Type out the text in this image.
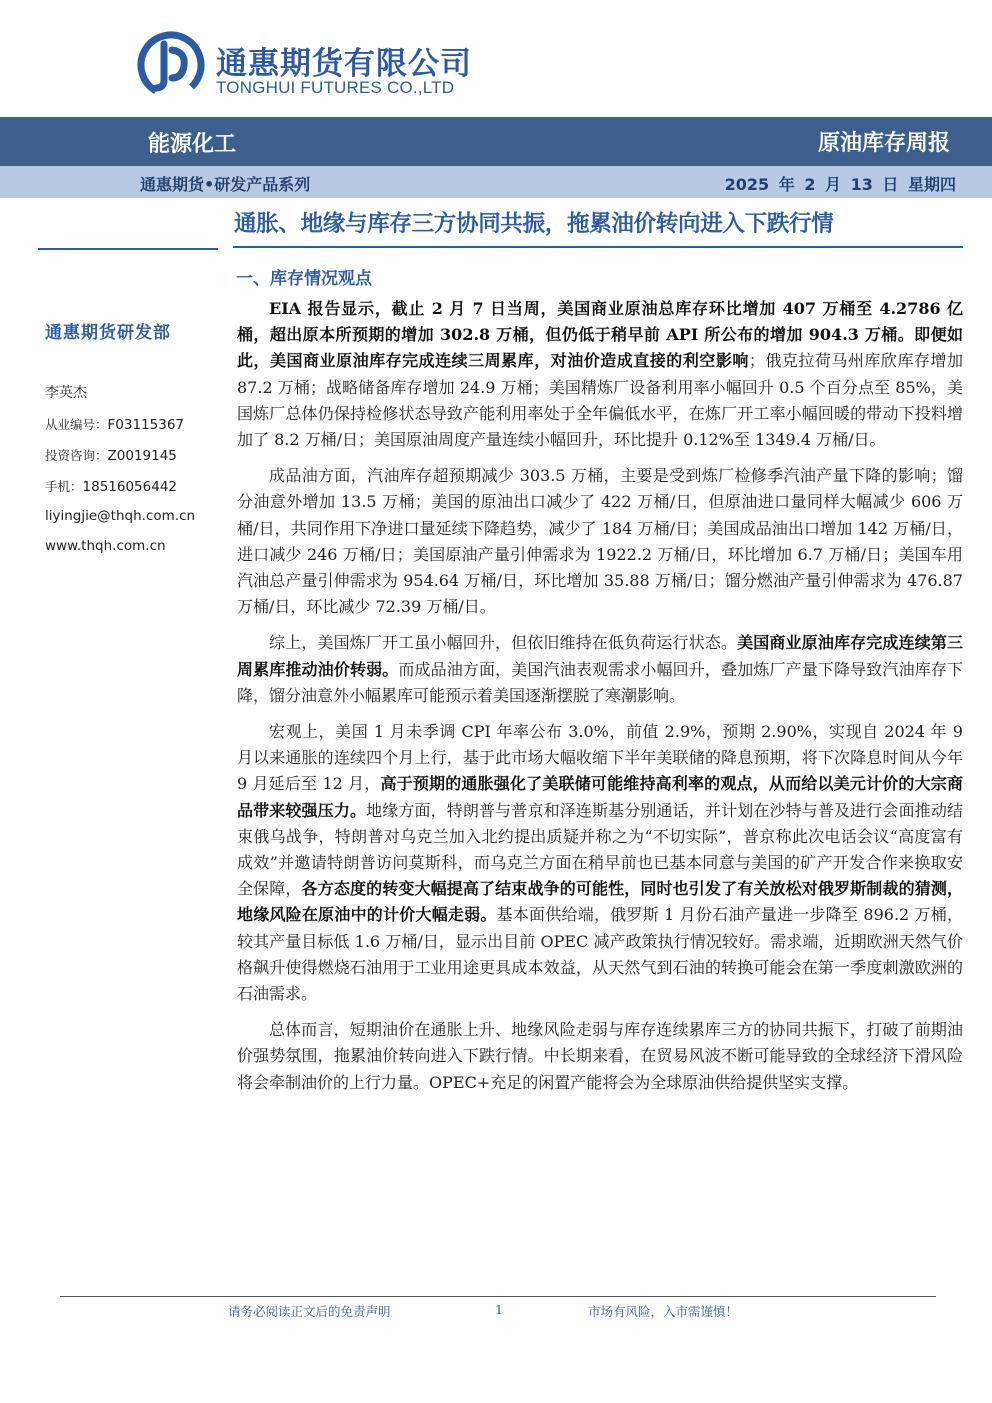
通惠期货有限公司
TONGHUI FUTURES CO.,LTD
能源化工	原油库存周报
通惠期货•研发产品系列	2025 年 2 月 13 日 星期四
通胀、地缘与库存三方协同共振，拖累油价转向进入下跌行情
通惠期货研发部
李英杰
从业编号：F03115367
投资咨询：Z0019145
手机：18516056442
liyingjie@thqh.com.cn
www.thqh.com.cn
一、库存情况观点

EIA 报告显示，截止 2 月 7 日当周，美国商业原油总库存环比增加 407 万桶至 4.2786 亿桶，超出原本所预期的增加 302.8 万桶，但仍低于稍早前 API 所公布的增加 904.3 万桶。即便如此，美国商业原油库存完成连续三周累库，对油价造成直接的利空影响；俄克拉荷马州库欣库存增加 87.2 万桶；战略储备库存增加 24.9 万桶；美国精炼厂设备利用率小幅回升 0.5 个百分点至 85%，美国炼厂总体仍保持检修状态导致产能利用率处于全年偏低水平，在炼厂开工率小幅回暖的带动下投料增加了 8.2 万桶/日；美国原油周度产量连续小幅回升，环比提升 0.12%至 1349.4 万桶/日。

成品油方面，汽油库存超预期减少 303.5 万桶，主要是受到炼厂检修季汽油产量下降的影响；馏分油意外增加 13.5 万桶；美国的原油出口减少了 422 万桶/日，但原油进口量同样大幅减少 606 万桶/日，共同作用下净进口量延续下降趋势，减少了 184 万桶/日；美国成品油出口增加 142 万桶/日，进口减少 246 万桶/日；美国原油产量引伸需求为 1922.2 万桶/日，环比增加 6.7 万桶/日；美国车用汽油总产量引伸需求为 954.64 万桶/日，环比增加 35.88 万桶/日；馏分燃油产量引伸需求为 476.87 万桶/日，环比减少 72.39 万桶/日。

综上，美国炼厂开工虽小幅回升，但依旧维持在低负荷运行状态。美国商业原油库存完成连续第三周累库推动油价转弱。而成品油方面，美国汽油表观需求小幅回升，叠加炼厂产量下降导致汽油库存下降，馏分油意外小幅累库可能预示着美国逐渐摆脱了寒潮影响。

宏观上，美国 1 月未季调 CPI 年率公布 3.0%，前值 2.9%，预期 2.90%，实现自 2024 年 9 月以来通胀的连续四个月上行，基于此市场大幅收缩下半年美联储的降息预期，将下次降息时间从今年 9 月延后至 12 月，高于预期的通胀强化了美联储可能维持高利率的观点，从而给以美元计价的大宗商品带来较强压力。地缘方面，特朗普与普京和泽连斯基分别通话，并计划在沙特与普及进行会面推动结束俄乌战争，特朗普对乌克兰加入北约提出质疑并称之为“不切实际”，普京称此次电话会议“高度富有成效”并邀请特朗普访问莫斯科，而乌克兰方面在稍早前也已基本同意与美国的矿产开发合作来换取安全保障，各方态度的转变大幅提高了结束战争的可能性，同时也引发了有关放松对俄罗斯制裁的猜测，地缘风险在原油中的计价大幅走弱。基本面供给端，俄罗斯 1 月份石油产量进一步降至 896.2 万桶，较其产量目标低 1.6 万桶/日，显示出目前 OPEC 减产政策执行情况较好。需求端，近期欧洲天然气价格飙升使得燃烧石油用于工业用途更具成本效益，从天然气到石油的转换可能会在第一季度刺激欧洲的石油需求。

总体而言，短期油价在通胀上升、地缘风险走弱与库存连续累库三方的协同共振下，打破了前期油价强势氛围，拖累油价转向进入下跌行情。中长期来看，在贸易风波不断可能导致的全球经济下滑风险将会牵制油价的上行力量。OPEC+充足的闲置产能将会为全球原油供给提供坚实支撑。

请务必阅读正文后的免责声明	1	市场有风险，入市需谨慎！
